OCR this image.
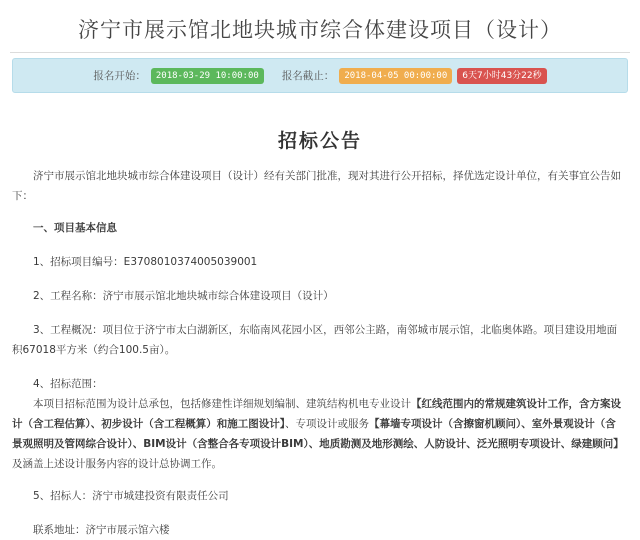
济宁市展示馆北地块城市综合体建设项目（设计）
报名开始：	2018-03-29 10:00:00	报名截止：	2018-04-05 00:00:00	6天7小时43分22秒
招标公告

济宁市展示馆北地块城市综合体建设项目（设计）经有关部门批准，现对其进行公开招标，择优选定设计单位，有关事宜公告如下：

一、项目基本信息

1、招标项目编号：E3708010374005039001

2、工程名称：济宁市展示馆北地块城市综合体建设项目（设计）

3、工程概况：项目位于济宁市太白湖新区，东临南风花园小区，西邻公主路，南邻城市展示馆，北临奥体路。项目建设用地面积67018平方米（约合100.5亩）。

4、招标范围：

本项目招标范围为设计总承包，包括修建性详细规划编制、建筑结构机电专业设计【红线范围内的常规建筑设计工作，含方案设计（含工程估算）、初步设计（含工程概算）和施工图设计】、专项设计或服务【幕墙专项设计（含擦窗机顾问）、室外景观设计（含景观照明及管网综合设计）、BIM设计（含整合各专项设计BIM）、地质勘测及地形测绘、人防设计、泛光照明专项设计、绿建顾问】及涵盖上述设计服务内容的设计总协调工作。

5、招标人：济宁市城建投资有限责任公司

联系地址：济宁市展示馆六楼
